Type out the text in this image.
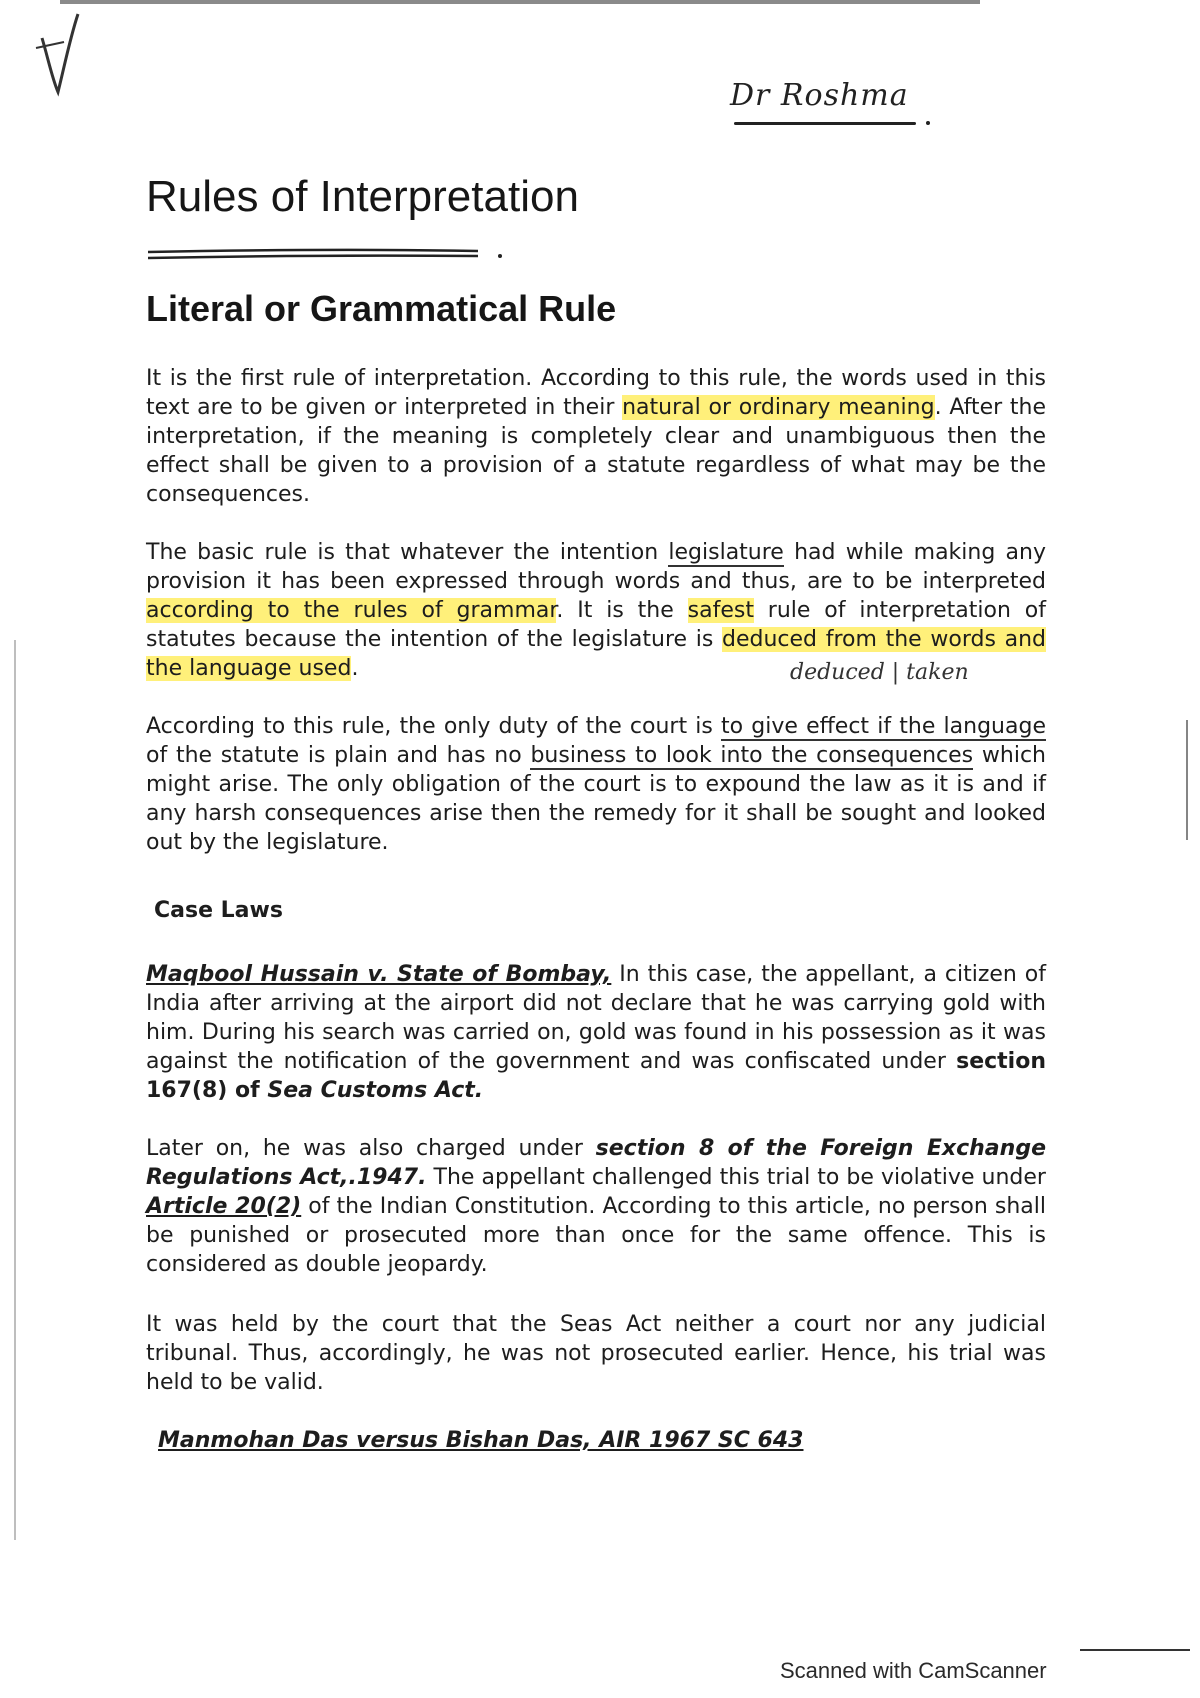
Dr Roshma
Rules of Interpretation
Literal or Grammatical Rule

It is the first rule of interpretation. According to this rule, the words used in this text are to be given or interpreted in their natural or ordinary meaning. After the interpretation, if the meaning is completely clear and unambiguous then the effect shall be given to a provision of a statute regardless of what may be the consequences.

The basic rule is that whatever the intention legislature had while making any provision it has been expressed through words and thus, are to be interpreted according to the rules of grammar. It is the safest rule of interpretation of statutes because the intention of the legislature is deduced from the words and the language used.	deduced | taken

According to this rule, the only duty of the court is to give effect if the language of the statute is plain and has no business to look into the consequences which might arise. The only obligation of the court is to expound the law as it is and if any harsh consequences arise then the remedy for it shall be sought and looked out by the legislature.

Case Laws

Maqbool Hussain v. State of Bombay, In this case, the appellant, a citizen of India after arriving at the airport did not declare that he was carrying gold with him. During his search was carried on, gold was found in his possession as it was against the notification of the government and was confiscated under section 167(8) of Sea Customs Act.

Later on, he was also charged under section 8 of the Foreign Exchange Regulations Act,.1947. The appellant challenged this trial to be violative under Article 20(2) of the Indian Constitution. According to this article, no person shall be punished or prosecuted more than once for the same offence. This is considered as double jeopardy.

It was held by the court that the Seas Act neither a court nor any judicial tribunal. Thus, accordingly, he was not prosecuted earlier. Hence, his trial was held to be valid.

Manmohan Das versus Bishan Das, AIR 1967 SC 643

Scanned with CamScanner
